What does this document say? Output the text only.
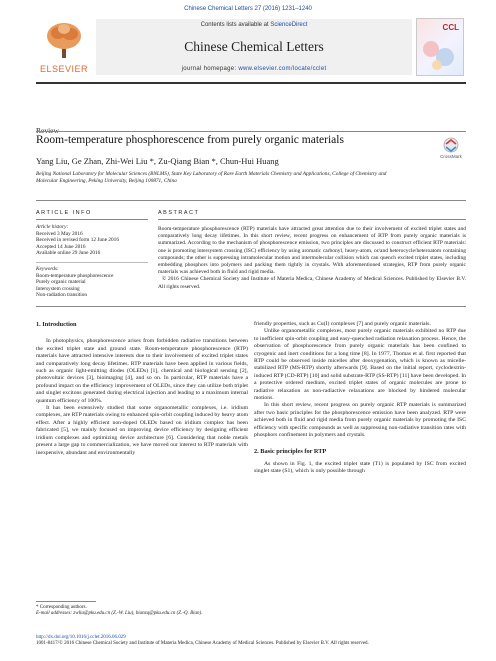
Chinese Chemical Letters 27 (2016) 1231–1240
ELSEVIER
Contents lists available at ScienceDirect
Chinese Chemical Letters
journal homepage: www.elsevier.com/locate/cclet
CCL
Room-temperature phosphorescence from purely organic materials
CrossMark
Yang Liu, Ge Zhan, Zhi-Wei Liu *, Zu-Qiang Bian *, Chun-Hui Huang
Beijing National Laboratory for Molecular Sciences (BNLMS), State Key Laboratory of Rare Earth Materials Chemistry and Applications, College of Chemistry and Molecular Engineering, Peking University, Beijing 100871, China
ARTICLE INFO
Article history:
Received 3 May 2016
Received in revised form 12 June 2016
Accepted 14 June 2016
Available online 29 June 2016
Keywords:
Room-temperature phosphorescence
Purely organic material
Intersystem crossing
Non-radiation transition
ABSTRACT
Room-temperature phosphorescence (RTP) materials have attracted great attention due to their involvement of excited triplet states and comparatively long decay lifetimes. In this short review, recent progress on enhancement of RTP from purely organic materials is summarized. According to the mechanism of phosphorescence emission, two principles are discussed to construct efficient RTP materials: one is promoting intersystem crossing (ISC) efficiency by using aromatic carbonyl, heavy-atom, or/and heterocycle/heteroatom containing compounds; the other is suppressing intramolecular motion and intermolecular collision which can quench excited triplet states, including embedding phosphors into polymers and packing them tightly in crystals. With aforementioned strategies, RTP from purely organic materials was achieved both in fluid and rigid media.
© 2016 Chinese Chemical Society and Institute of Materia Medica, Chinese Academy of Medical Sciences. Published by Elsevier B.V. All rights reserved.
1. Introduction

In photophysics, phosphorescence arises from forbidden radiative transitions between the excited triplet state and ground state. Room-temperature phosphorescence (RTP) materials have attracted intensive interests due to their involvement of excited triplet states and comparatively long decay lifetimes. RTP materials have been applied in various fields, such as organic light-emitting diodes (OLEDs) [1], chemical and biological sensing [2], photovoltaic devices [3], bioimaging [4], and so on. In particular, RTP materials have a profound impact on the efficiency improvement of OLEDs, since they can utilize both triplet and singlet excitons generated during electrical injection and leading to a maximum internal quantum efficiency of 100%.

It has been extensively studied that some organometallic complexes, i.e. iridium complexes, are RTP materials owing to enhanced spin-orbit coupling induced by heavy atom effect. After a highly efficient non-doped OLEDs based on iridium complex has been fabricated [5], we mainly focused on improving device efficiency by designing efficient iridium complexes and optimizing device architecture [6]. Considering that noble metals present a large gap to commercialization, we have moved our interest to RTP materials with inexpensive, abundant and environmentally

friendly properties, such as Cu(I) complexes [7] and purely organic materials.

Unlike organometallic complexes, most purely organic materials exhibited no RTP due to inefficient spin-orbit coupling and easy-quenched radiation relaxation process. Hence, the observation of phosphorescence from purely organic materials has been confined to cryogenic and inert conditions for a long time [8]. In 1977, Thomas et al. first reported that RTP could be observed inside micelles after deoxygenation, which is known as micelle-stabilized RTP (MS-RTP) shortly afterwards [9]. Based on the initial report, cyclodextrin-induced RTP (CD-RTP) [10] and solid substrate-RTP (SS-RTP) [11] have been developed. In a protective ordered medium, excited triplet states of organic molecules are prone to radiative relaxation as non-radiactive relaxations are blocked by hindered molecular motions.

In this short review, recent progress on purely organic RTP materials is summarized after two basic principles for the phosphorescence emission have been analyzed. RTP were achieved both in fluid and rigid media from purely organic materials by promoting the ISC efficiency with specific compounds as well as suppressing non-radiative transition rates with phosphors confinement in polymers and crystals.

2. Basic principles for RTP

As shown in Fig. 1, the excited triplet state (T1) is populated by ISC from excited singlet state (S1), which is only possible through

* Corresponding authors.
E-mail addresses: zwliu@pku.edu.cn (Z.-W. Liu), bianzq@pku.edu.cn (Z.-Q. Bian).
http://dx.doi.org/10.1016/j.cclet.2016.06.029
1001-8417/© 2016 Chinese Chemical Society and Institute of Materia Medica, Chinese Academy of Medical Sciences. Published by Elsevier B.V. All rights reserved.
